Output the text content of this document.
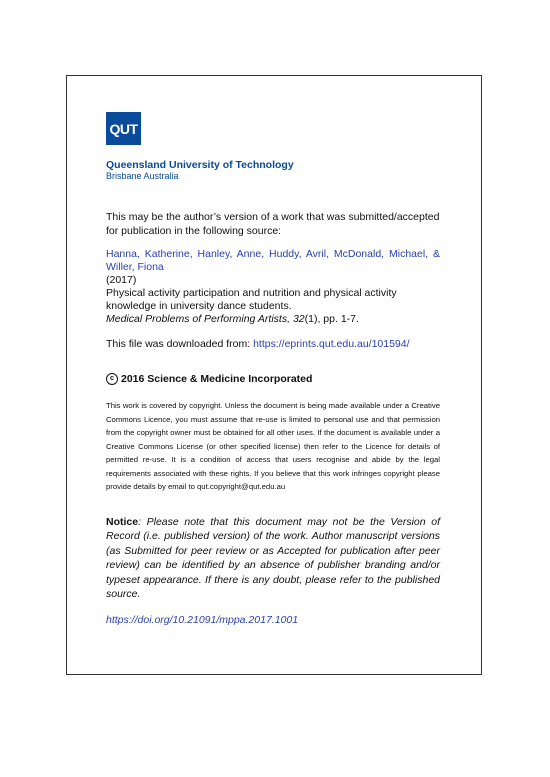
QUT
Queensland University of Technology
Brisbane Australia
This may be the author’s version of a work that was submitted/accepted for publication in the following source:
Hanna, Katherine, Hanley, Anne, Huddy, Avril, McDonald, Michael, & Willer, Fiona
(2017)
Physical activity participation and nutrition and physical activity knowledge in university dance students.
Medical Problems of Performing Artists, 32(1), pp. 1-7.
This file was downloaded from: https://eprints.qut.edu.au/101594/
c 2016 Science & Medicine Incorporated
This work is covered by copyright. Unless the document is being made available under a Creative Commons Licence, you must assume that re-use is limited to personal use and that permission from the copyright owner must be obtained for all other uses. If the document is available under a Creative Commons License (or other specified license) then refer to the Licence for details of permitted re-use. It is a condition of access that users recognise and abide by the legal requirements associated with these rights. If you believe that this work infringes copyright please provide details by email to qut.copyright@qut.edu.au
Notice: Please note that this document may not be the Version of Record (i.e. published version) of the work. Author manuscript versions (as Submitted for peer review or as Accepted for publication after peer review) can be identified by an absence of publisher branding and/or typeset appearance. If there is any doubt, please refer to the published source.
https://doi.org/10.21091/mppa.2017.1001
